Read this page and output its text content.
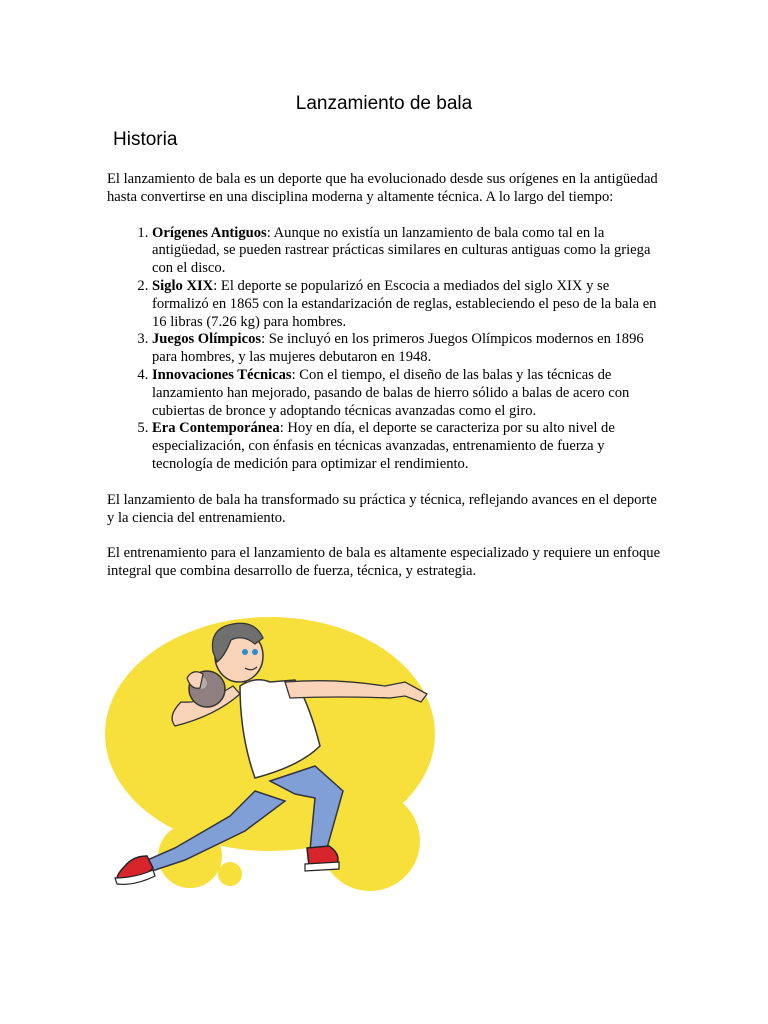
Lanzamiento de bala
Historia

El lanzamiento de bala es un deporte que ha evolucionado desde sus orígenes en la antigüedad hasta convertirse en una disciplina moderna y altamente técnica. A lo largo del tiempo:

1. Orígenes Antiguos: Aunque no existía un lanzamiento de bala como tal en la antigüedad, se pueden rastrear prácticas similares en culturas antiguas como la griega con el disco.
2. Siglo XIX: El deporte se popularizó en Escocia a mediados del siglo XIX y se formalizó en 1865 con la estandarización de reglas, estableciendo el peso de la bala en 16 libras (7.26 kg) para hombres.
3. Juegos Olímpicos: Se incluyó en los primeros Juegos Olímpicos modernos en 1896 para hombres, y las mujeres debutaron en 1948.
4. Innovaciones Técnicas: Con el tiempo, el diseño de las balas y las técnicas de lanzamiento han mejorado, pasando de balas de hierro sólido a balas de acero con cubiertas de bronce y adoptando técnicas avanzadas como el giro.
5. Era Contemporánea: Hoy en día, el deporte se caracteriza por su alto nivel de especialización, con énfasis en técnicas avanzadas, entrenamiento de fuerza y tecnología de medición para optimizar el rendimiento.

El lanzamiento de bala ha transformado su práctica y técnica, reflejando avances en el deporte y la ciencia del entrenamiento.

El entrenamiento para el lanzamiento de bala es altamente especializado y requiere un enfoque integral que combina desarrollo de fuerza, técnica, y estrategia.
